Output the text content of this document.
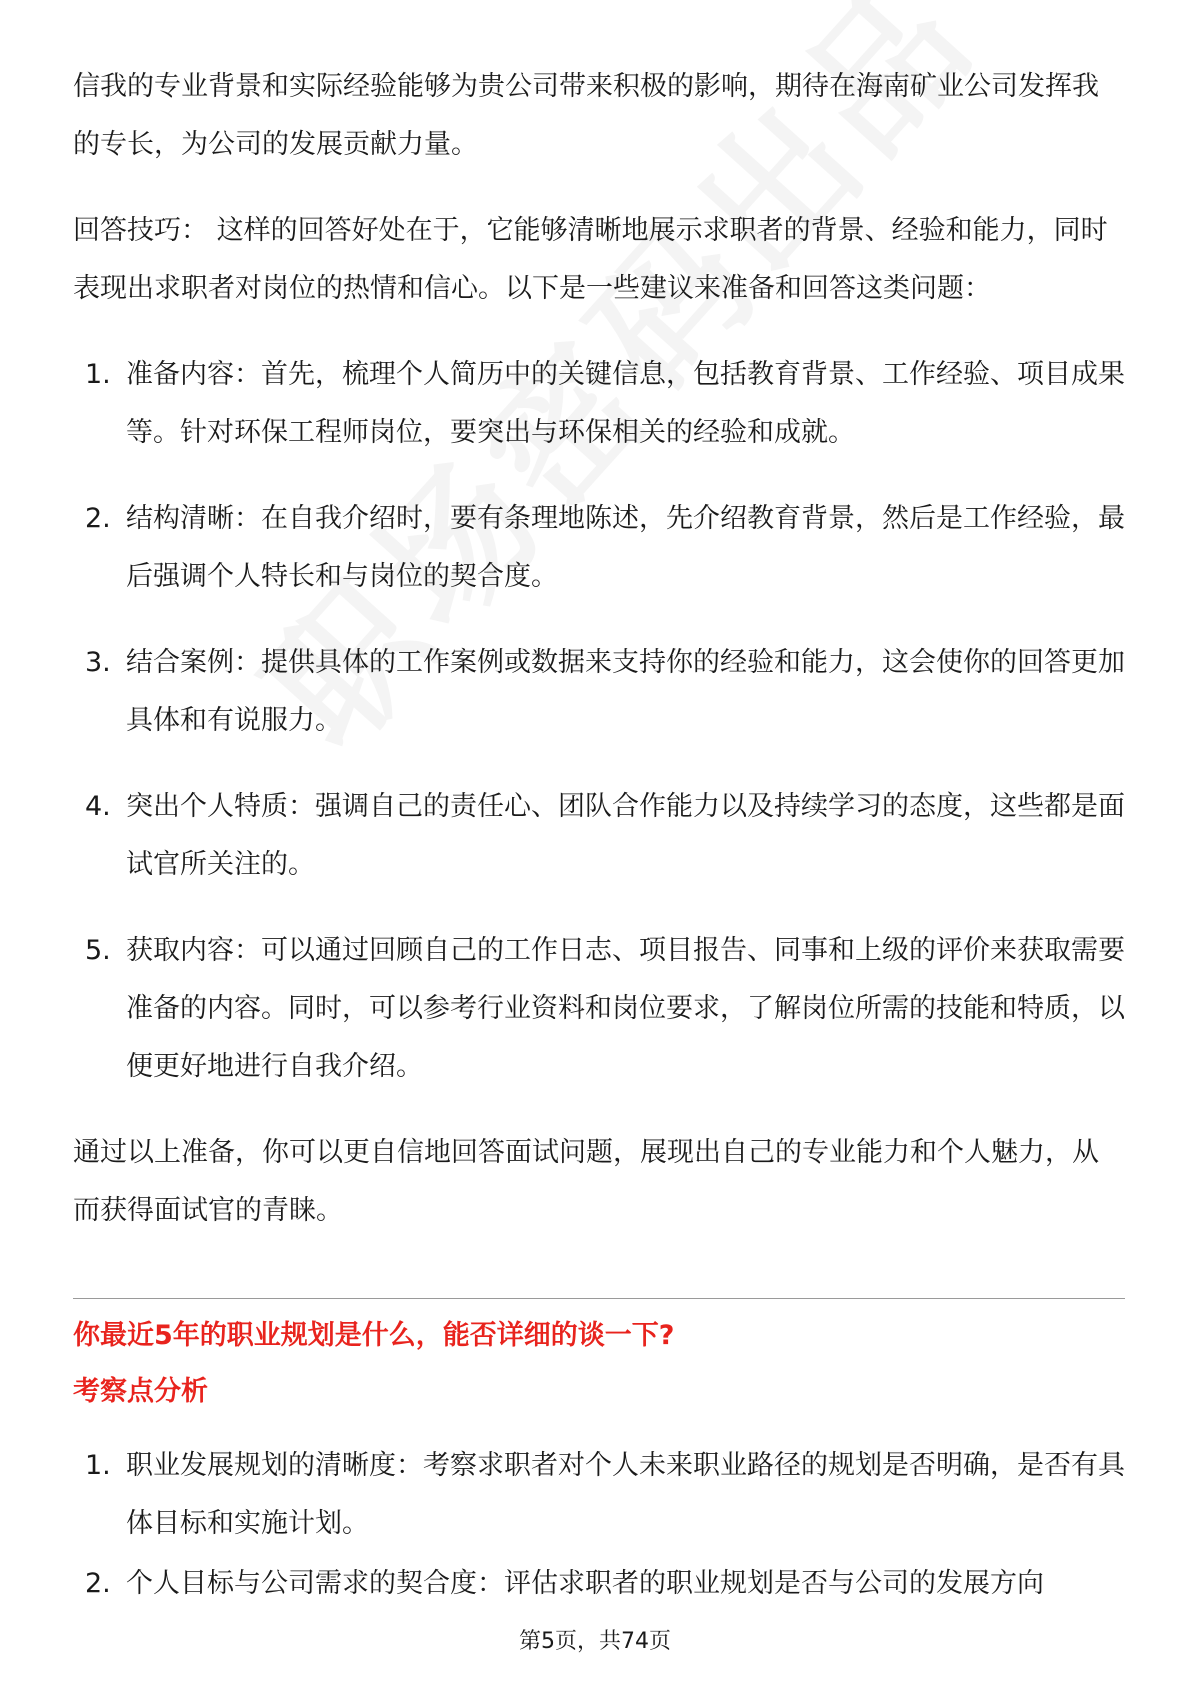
信我的专业背景和实际经验能够为贵公司带来积极的影响，期待在海南矿业公司发挥我的专长，为公司的发展贡献力量。

回答技巧： 这样的回答好处在于，它能够清晰地展示求职者的背景、经验和能力，同时表现出求职者对岗位的热情和信心。以下是一些建议来准备和回答这类问题：

1. 准备内容：首先，梳理个人简历中的关键信息，包括教育背景、工作经验、项目成果等。针对环保工程师岗位，要突出与环保相关的经验和成就。
2. 结构清晰：在自我介绍时，要有条理地陈述，先介绍教育背景，然后是工作经验，最后强调个人特长和与岗位的契合度。
3. 结合案例：提供具体的工作案例或数据来支持你的经验和能力，这会使你的回答更加具体和有说服力。
4. 突出个人特质：强调自己的责任心、团队合作能力以及持续学习的态度，这些都是面试官所关注的。
5. 获取内容：可以通过回顾自己的工作日志、项目报告、同事和上级的评价来获取需要准备的内容。同时，可以参考行业资料和岗位要求，了解岗位所需的技能和特质，以便更好地进行自我介绍。

通过以上准备，你可以更自信地回答面试问题，展现出自己的专业能力和个人魅力，从而获得面试官的青睐。

你最近5年的职业规划是什么，能否详细的谈一下?

考察点分析

1. 职业发展规划的清晰度：考察求职者对个人未来职业路径的规划是否明确，是否有具体目标和实施计划。
2. 个人目标与公司需求的契合度：评估求职者的职业规划是否与公司的发展方向
第5页，共74页
